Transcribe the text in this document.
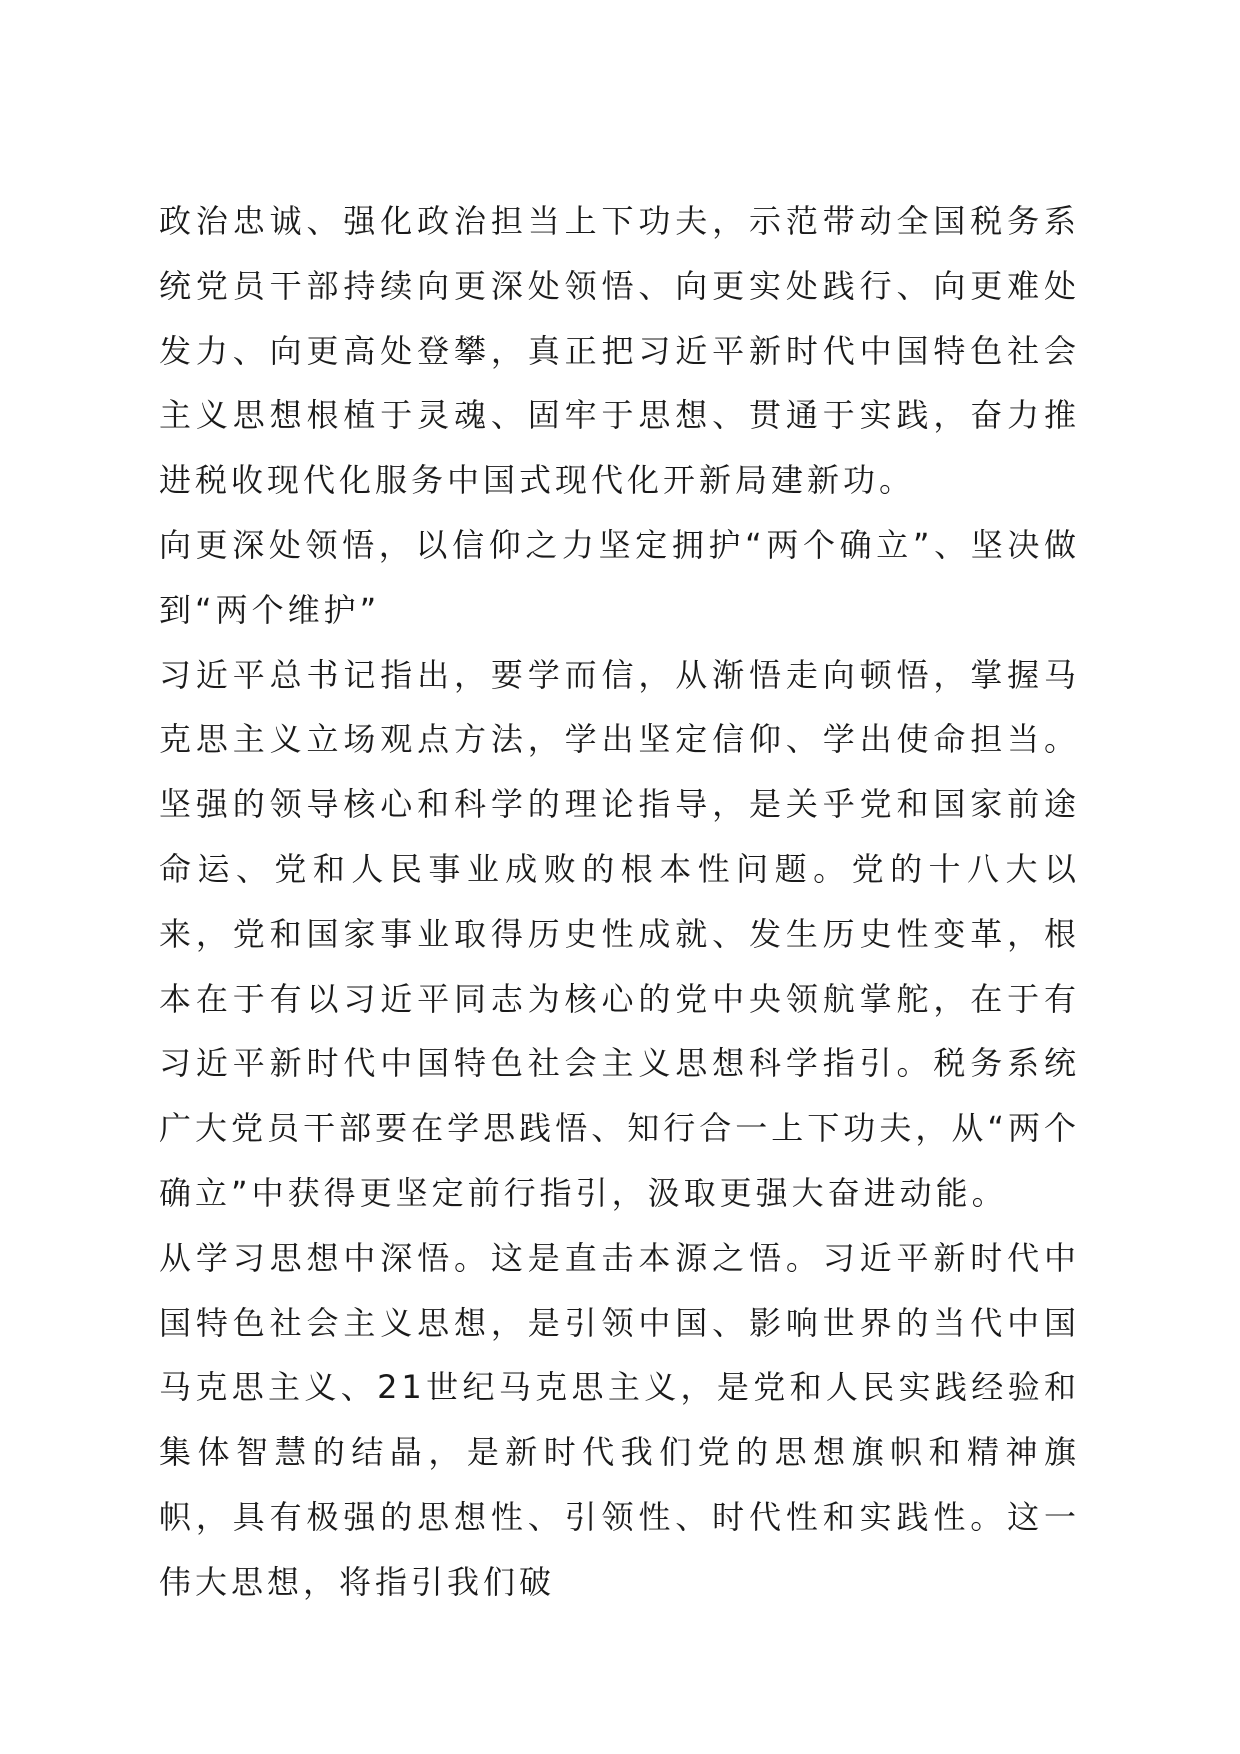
政治忠诚、强化政治担当上下功夫，示范带动全国税务系统党员干部持续向更深处领悟、向更实处践行、向更难处发力、向更高处登攀，真正把习近平新时代中国特色社会主义思想根植于灵魂、固牢于思想、贯通于实践，奋力推进税收现代化服务中国式现代化开新局建新功。

向更深处领悟，以信仰之力坚定拥护“两个确立”、坚决做到“两个维护”

习近平总书记指出，要学而信，从渐悟走向顿悟，掌握马克思主义立场观点方法，学出坚定信仰、学出使命担当。坚强的领导核心和科学的理论指导，是关乎党和国家前途命运、党和人民事业成败的根本性问题。党的十八大以来，党和国家事业取得历史性成就、发生历史性变革，根本在于有以习近平同志为核心的党中央领航掌舵，在于有习近平新时代中国特色社会主义思想科学指引。税务系统广大党员干部要在学思践悟、知行合一上下功夫，从“两个确立”中获得更坚定前行指引，汲取更强大奋进动能。

从学习思想中深悟。这是直击本源之悟。习近平新时代中国特色社会主义思想，是引领中国、影响世界的当代中国马克思主义、21世纪马克思主义，是党和人民实践经验和集体智慧的结晶，是新时代我们党的思想旗帜和精神旗帜，具有极强的思想性、引领性、时代性和实践性。这一伟大思想，将指引我们破
